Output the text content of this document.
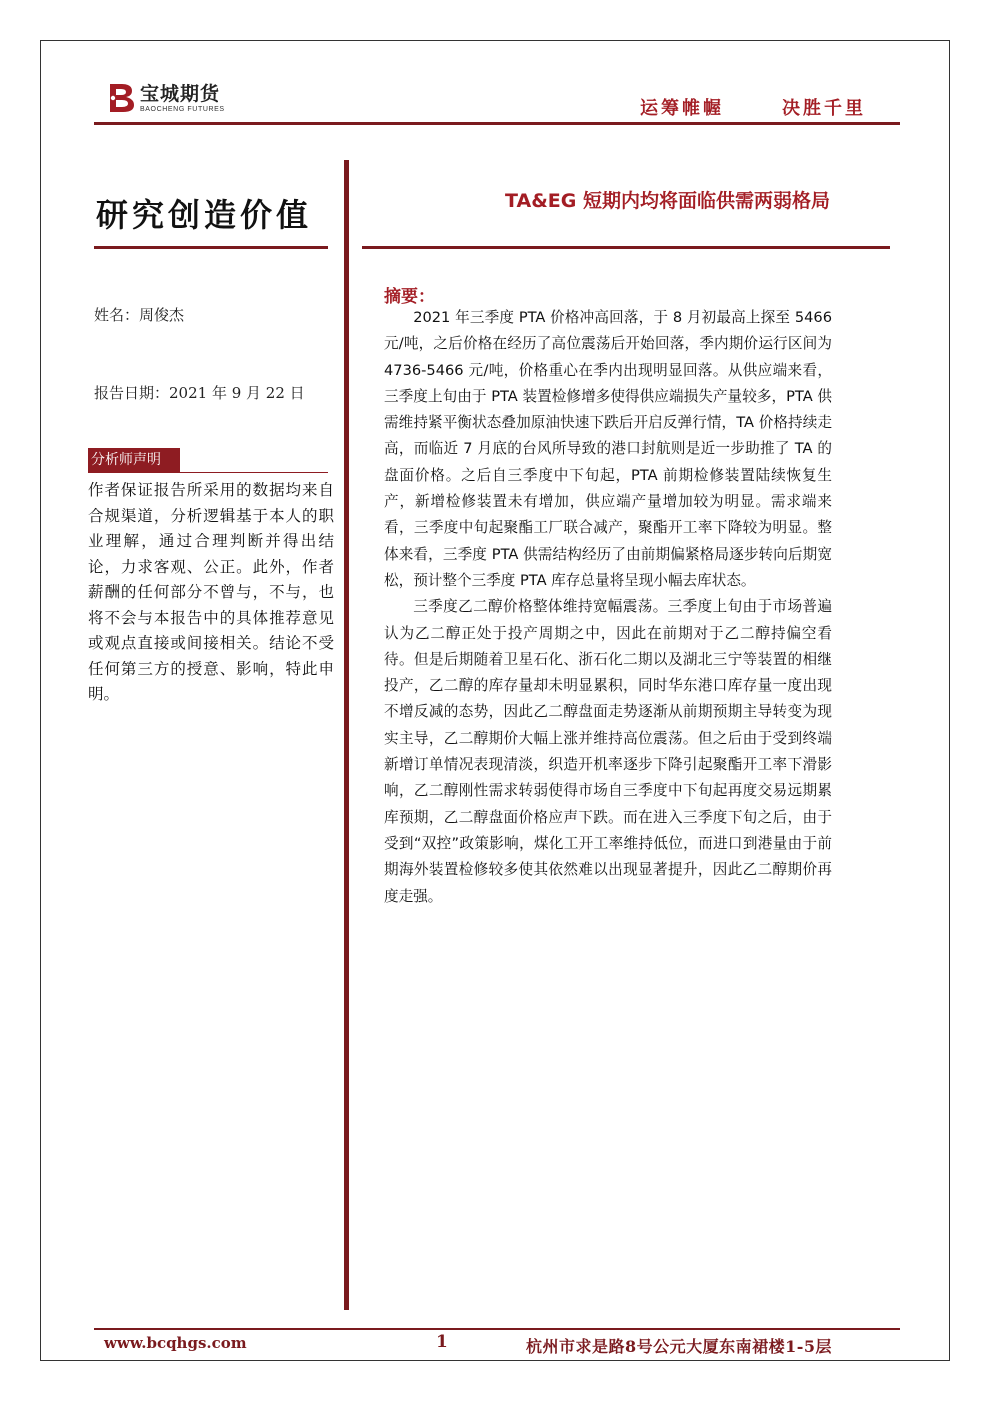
宝城期货
BAOCHENG FUTURES	运筹帷幄	决胜千里
研究创造价值
姓名：周俊杰
报告日期：2021 年 9 月 22 日
分析师声明

作者保证报告所采用的数据均来自合规渠道，分析逻辑基于本人的职业理解，通过合理判断并得出结论，力求客观、公正。此外，作者薪酬的任何部分不曾与，不与，也将不会与本报告中的具体推荐意见或观点直接或间接相关。结论不受任何第三方的授意、影响，特此申明。

TA&EG 短期内均将面临供需两弱格局
摘要：

2021 年三季度 PTA 价格冲高回落，于 8 月初最高上探至 5466 元/吨，之后价格在经历了高位震荡后开始回落，季内期价运行区间为 4736-5466 元/吨，价格重心在季内出现明显回落。从供应端来看，三季度上旬由于 PTA 装置检修增多使得供应端损失产量较多，PTA 供需维持紧平衡状态叠加原油快速下跌后开启反弹行情，TA 价格持续走高，而临近 7 月底的台风所导致的港口封航则是近一步助推了 TA 的盘面价格。之后自三季度中下旬起，PTA 前期检修装置陆续恢复生产，新增检修装置未有增加，供应端产量增加较为明显。需求端来看，三季度中旬起聚酯工厂联合减产，聚酯开工率下降较为明显。整体来看，三季度 PTA 供需结构经历了由前期偏紧格局逐步转向后期宽松，预计整个三季度 PTA 库存总量将呈现小幅去库状态。

三季度乙二醇价格整体维持宽幅震荡。三季度上旬由于市场普遍认为乙二醇正处于投产周期之中，因此在前期对于乙二醇持偏空看待。但是后期随着卫星石化、浙石化二期以及湖北三宁等装置的相继投产，乙二醇的库存量却未明显累积，同时华东港口库存量一度出现不增反减的态势，因此乙二醇盘面走势逐渐从前期预期主导转变为现实主导，乙二醇期价大幅上涨并维持高位震荡。但之后由于受到终端新增订单情况表现清淡，织造开机率逐步下降引起聚酯开工率下滑影响，乙二醇刚性需求转弱使得市场自三季度中下旬起再度交易远期累库预期，乙二醇盘面价格应声下跌。而在进入三季度下旬之后，由于受到“双控”政策影响，煤化工开工率维持低位，而进口到港量由于前期海外装置检修较多使其依然难以出现显著提升，因此乙二醇期价再度走强。

www.bcqhgs.com	1	杭州市求是路8号公元大厦东南裙楼1-5层
